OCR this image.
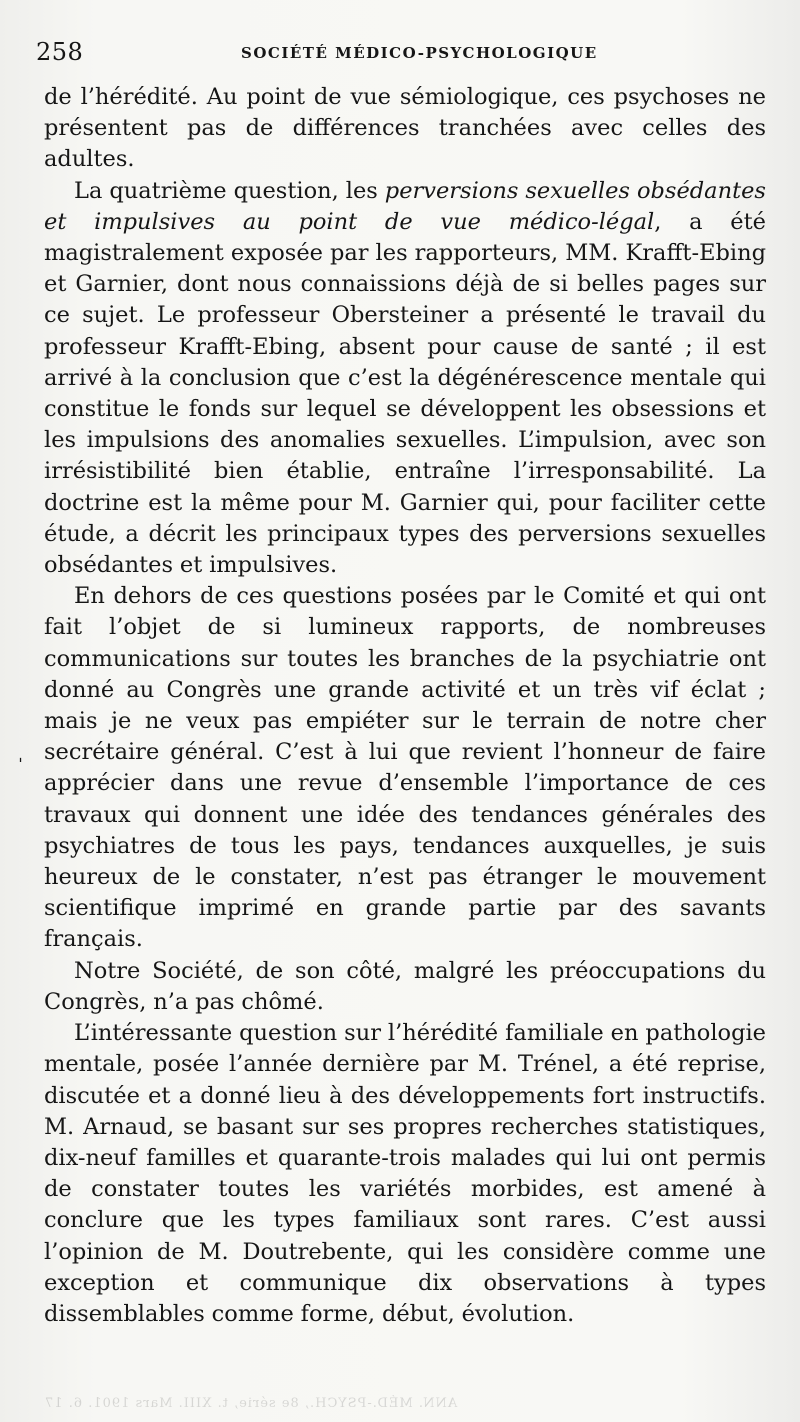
258	SOCIÉTÉ MÉDICO-PSYCHOLOGIQUE
ˌ

de l’hérédité. Au point de vue sémiologique, ces psychoses ne présentent pas de différences tranchées avec celles des adultes.

La quatrième question, les perversions sexuelles obsédantes et impulsives au point de vue médico-légal, a été magistralement exposée par les rapporteurs, MM. Krafft-Ebing et Garnier, dont nous connaissions déjà de si belles pages sur ce sujet. Le professeur Obersteiner a présenté le travail du professeur Krafft-Ebing, absent pour cause de santé ; il est arrivé à la conclusion que c’est la dégénérescence mentale qui constitue le fonds sur lequel se développent les obsessions et les impulsions des anomalies sexuelles. L’impulsion, avec son irrésistibilité bien établie, entraîne l’irresponsabilité. La doctrine est la même pour M. Garnier qui, pour faciliter cette étude, a décrit les principaux types des perversions sexuelles obsédantes et impulsives.

En dehors de ces questions posées par le Comité et qui ont fait l’objet de si lumineux rapports, de nombreuses communications sur toutes les branches de la psychiatrie ont donné au Congrès une grande activité et un très vif éclat ; mais je ne veux pas empiéter sur le terrain de notre cher secrétaire général. C’est à lui que revient l’honneur de faire apprécier dans une revue d’ensemble l’importance de ces travaux qui donnent une idée des tendances générales des psychiatres de tous les pays, tendances auxquelles, je suis heureux de le constater, n’est pas étranger le mouvement scientifique imprimé en grande partie par des savants français.

Notre Société, de son côté, malgré les préoccupations du Congrès, n’a pas chômé.

L’intéressante question sur l’hérédité familiale en pathologie mentale, posée l’année dernière par M. Trénel, a été reprise, discutée et a donné lieu à des développements fort instructifs. M. Arnaud, se basant sur ses propres recherches statistiques, dix-neuf familles et quarante-trois malades qui lui ont permis de constater toutes les variétés morbides, est amené à conclure que les types familiaux sont rares. C’est aussi l’opinion de M. Doutrebente, qui les considère comme une exception et communique dix observations à types dissemblables comme forme, début, évolution.

ANN. MÉD.-PSYCH., 8e série, t. XIII. Mars 1901. 6. 17
